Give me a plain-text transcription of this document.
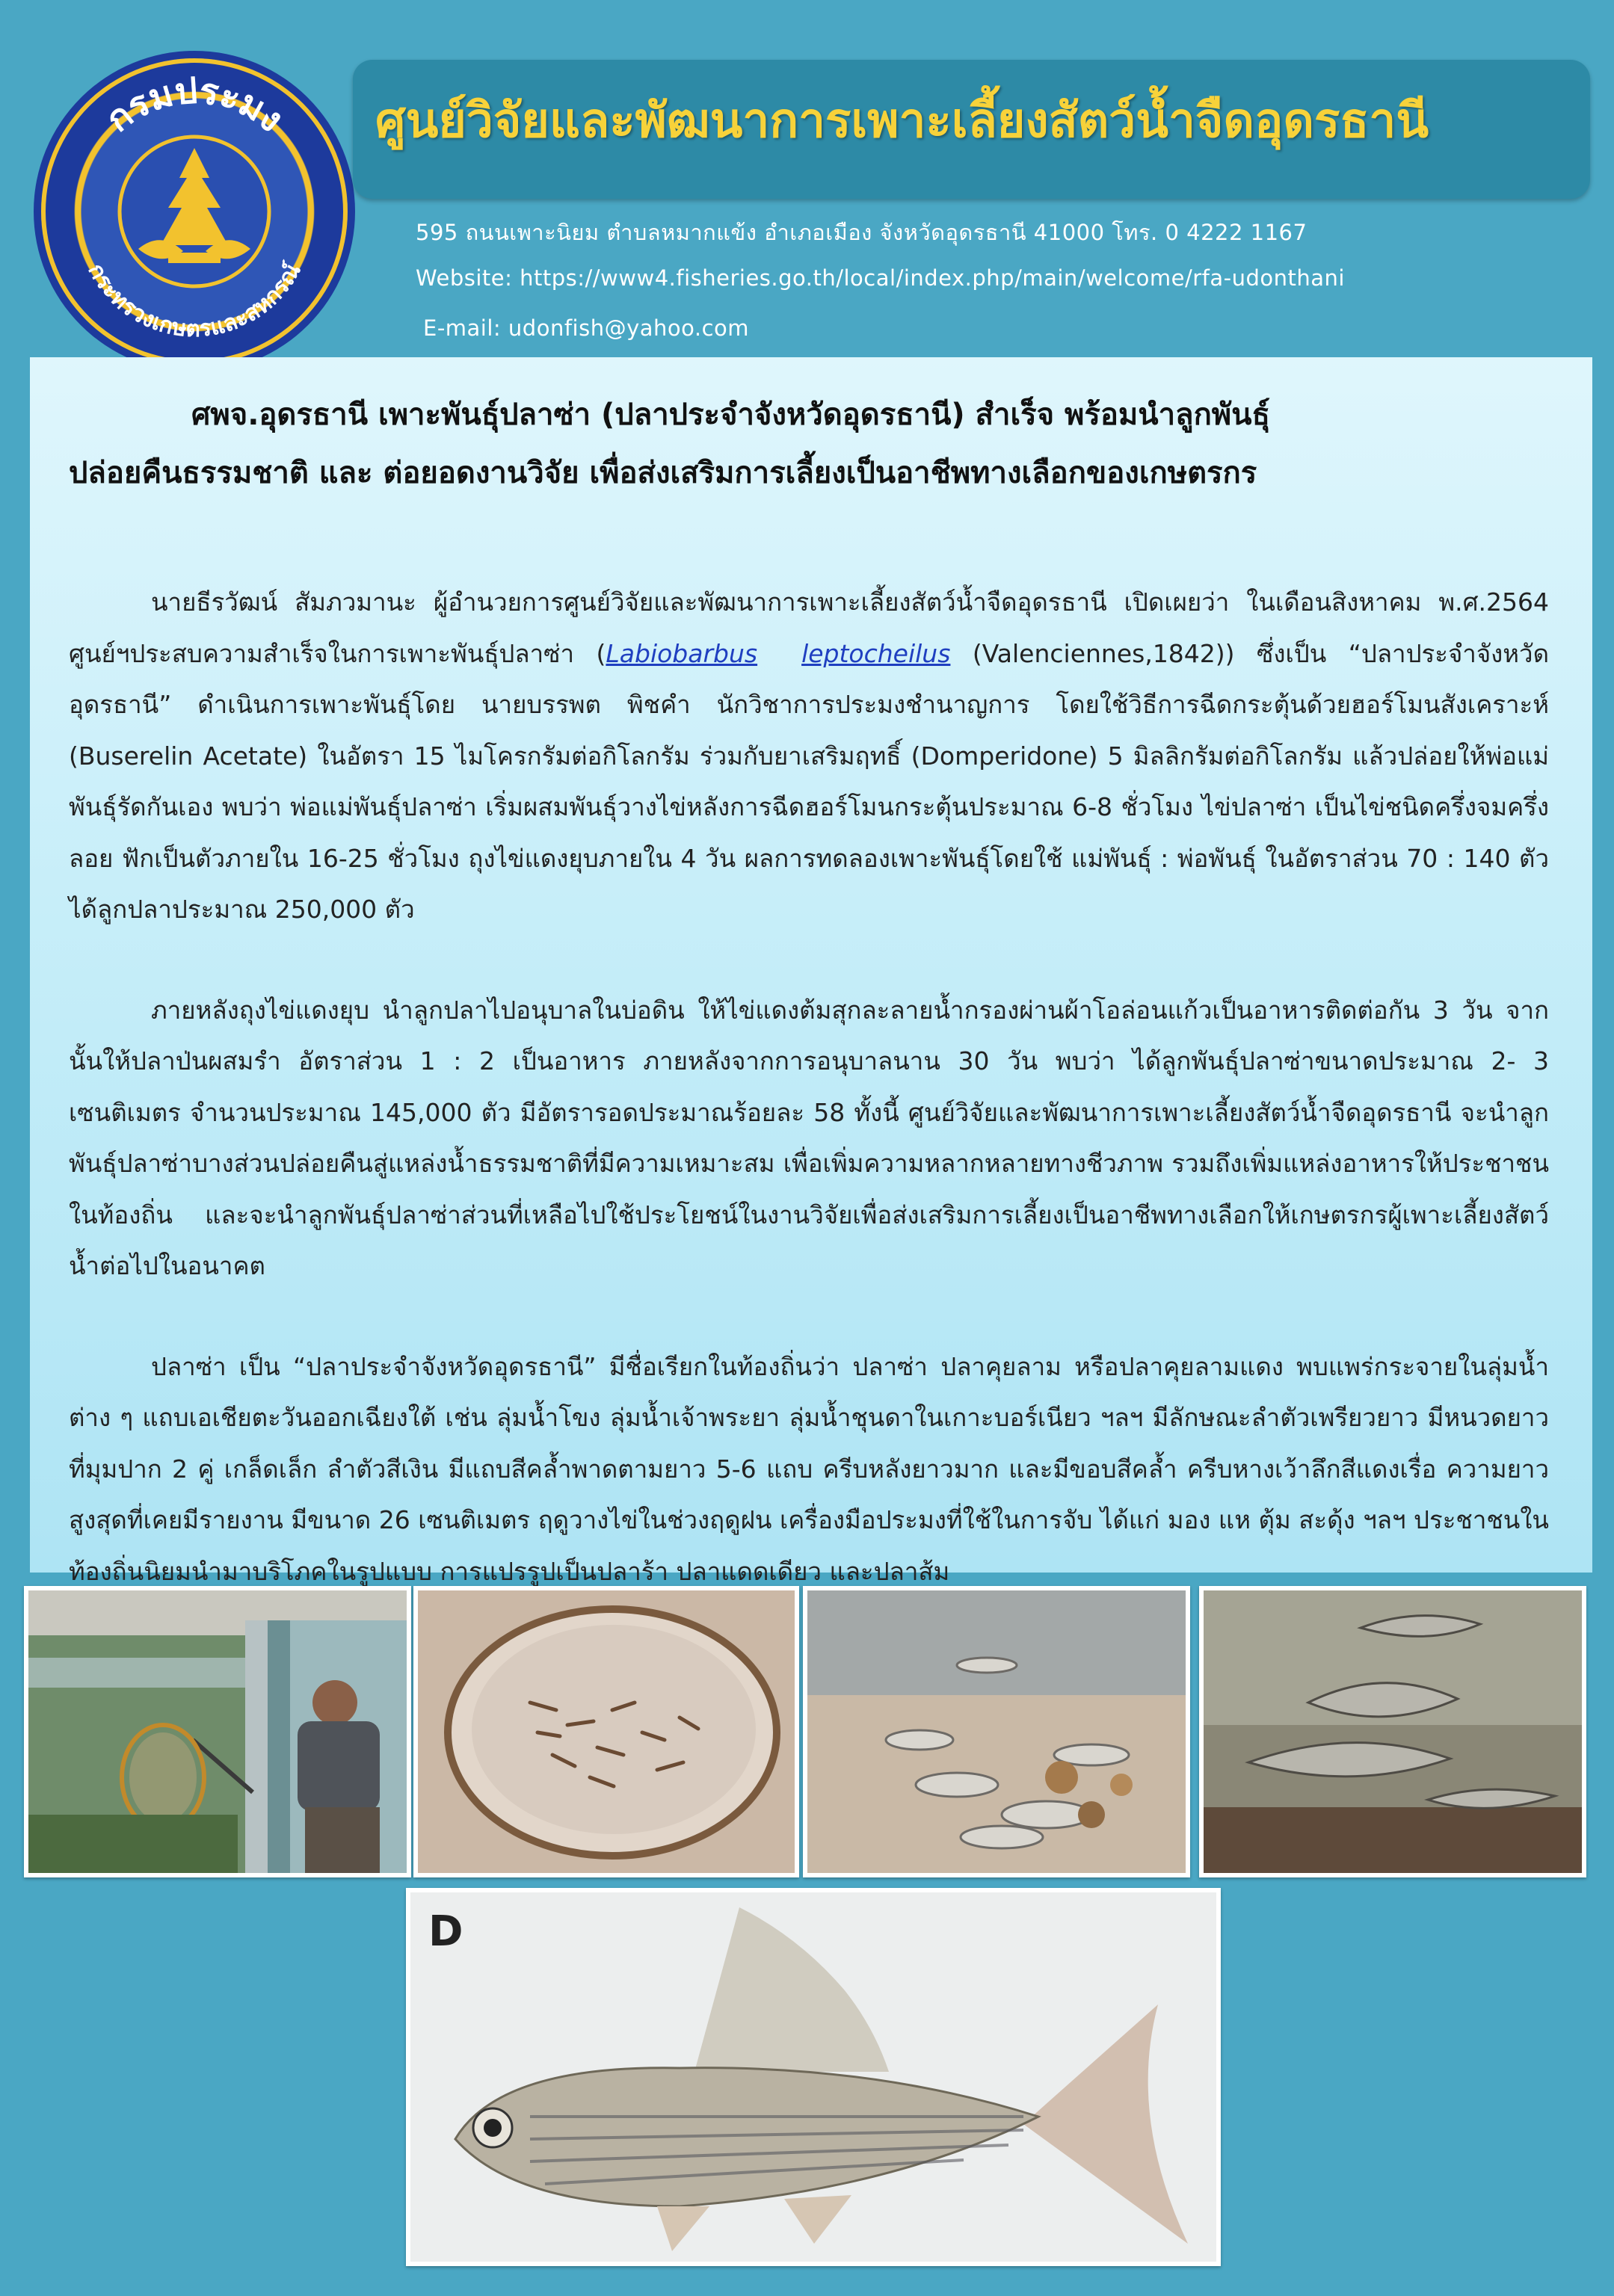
กรมประมง
กระทรวงเกษตรและสหกรณ์
ศูนย์วิจัยและพัฒนาการเพาะเลี้ยงสัตว์น้ำจืดอุดรธานี
595 ถนนเพาะนิยม ตำบลหมากแข้ง อำเภอเมือง จังหวัดอุดรธานี 41000 โทร. 0 4222 1167
Website: https://www4.fisheries.go.th/local/index.php/main/welcome/rfa-udonthani
E-mail: udonfish@yahoo.com
ศพจ.อุดรธานี เพาะพันธุ์ปลาซ่า (ปลาประจำจังหวัดอุดรธานี) สำเร็จ พร้อมนำลูกพันธุ์
ปล่อยคืนธรรมชาติ และ ต่อยอดงานวิจัย เพื่อส่งเสริมการเลี้ยงเป็นอาชีพทางเลือกของเกษตรกร

นายธีรวัฒน์ สัมภวมานะ ผู้อำนวยการศูนย์วิจัยและพัฒนาการเพาะเลี้ยงสัตว์น้ำจืดอุดรธานี เปิดเผยว่า ในเดือนสิงหาคม พ.ศ.2564 ศูนย์ฯประสบความสำเร็จในการเพาะพันธุ์ปลาซ่า (Labiobarbus leptocheilus (Valenciennes,1842)) ซึ่งเป็น “ปลาประจำจังหวัดอุดรธานี” ดำเนินการเพาะพันธุ์โดย นายบรรพต พิชคำ นักวิชาการประมงชำนาญการ โดยใช้วิธีการฉีดกระตุ้นด้วยฮอร์โมนสังเคราะห์ (Buserelin Acetate) ในอัตรา 15 ไมโครกรัมต่อกิโลกรัม ร่วมกับยาเสริมฤทธิ์ (Domperidone) 5 มิลลิกรัมต่อกิโลกรัม แล้วปล่อยให้พ่อแม่พันธุ์รัดกันเอง พบว่า พ่อแม่พันธุ์ปลาซ่า เริ่มผสมพันธุ์วางไข่หลังการฉีดฮอร์โมนกระตุ้นประมาณ 6-8 ชั่วโมง ไข่ปลาซ่า เป็นไข่ชนิดครึ่งจมครึ่งลอย ฟักเป็นตัวภายใน 16-25 ชั่วโมง ถุงไข่แดงยุบภายใน 4 วัน ผลการทดลองเพาะพันธุ์โดยใช้ แม่พันธุ์ : พ่อพันธุ์ ในอัตราส่วน 70 : 140 ตัว ได้ลูกปลาประมาณ 250,000 ตัว

ภายหลังถุงไข่แดงยุบ นำลูกปลาไปอนุบาลในบ่อดิน ให้ไข่แดงต้มสุกละลายน้ำกรองผ่านผ้าโอล่อนแก้วเป็นอาหารติดต่อกัน 3 วัน จากนั้นให้ปลาป่นผสมรำ อัตราส่วน 1 : 2 เป็นอาหาร ภายหลังจากการอนุบาลนาน 30 วัน พบว่า ได้ลูกพันธุ์ปลาซ่าขนาดประมาณ 2- 3 เซนติเมตร จำนวนประมาณ 145,000 ตัว มีอัตรารอดประมาณร้อยละ 58 ทั้งนี้ ศูนย์วิจัยและพัฒนาการเพาะเลี้ยงสัตว์น้ำจืดอุดรธานี จะนำลูกพันธุ์ปลาซ่าบางส่วนปล่อยคืนสู่แหล่งน้ำธรรมชาติที่มีความเหมาะสม เพื่อเพิ่มความหลากหลายทางชีวภาพ รวมถึงเพิ่มแหล่งอาหารให้ประชาชนในท้องถิ่น และจะนำลูกพันธุ์ปลาซ่าส่วนที่เหลือไปใช้ประโยชน์ในงานวิจัยเพื่อส่งเสริมการเลี้ยงเป็นอาชีพทางเลือกให้เกษตรกรผู้เพาะเลี้ยงสัตว์น้ำต่อไปในอนาคต

ปลาซ่า เป็น “ปลาประจำจังหวัดอุดรธานี” มีชื่อเรียกในท้องถิ่นว่า ปลาซ่า ปลาคุยลาม หรือปลาคุยลามแดง พบแพร่กระจายในลุ่มน้ำต่าง ๆ แถบเอเชียตะวันออกเฉียงใต้ เช่น ลุ่มน้ำโขง ลุ่มน้ำเจ้าพระยา ลุ่มน้ำชุนดาในเกาะบอร์เนียว ฯลฯ มีลักษณะลำตัวเพรียวยาว มีหนวดยาวที่มุมปาก 2 คู่ เกล็ดเล็ก ลำตัวสีเงิน มีแถบสีคล้ำพาดตามยาว 5-6 แถบ ครีบหลังยาวมาก และมีขอบสีคล้ำ ครีบหางเว้าลึกสีแดงเรื่อ ความยาวสูงสุดที่เคยมีรายงาน มีขนาด 26 เซนติเมตร ฤดูวางไข่ในช่วงฤดูฝน เครื่องมือประมงที่ใช้ในการจับ ได้แก่ มอง แห ตุ้ม สะดุ้ง ฯลฯ ประชาชนในท้องถิ่นนิยมนำมาบริโภคในรูปแบบ การแปรรูปเป็นปลาร้า ปลาแดดเดียว และปลาส้ม

D
